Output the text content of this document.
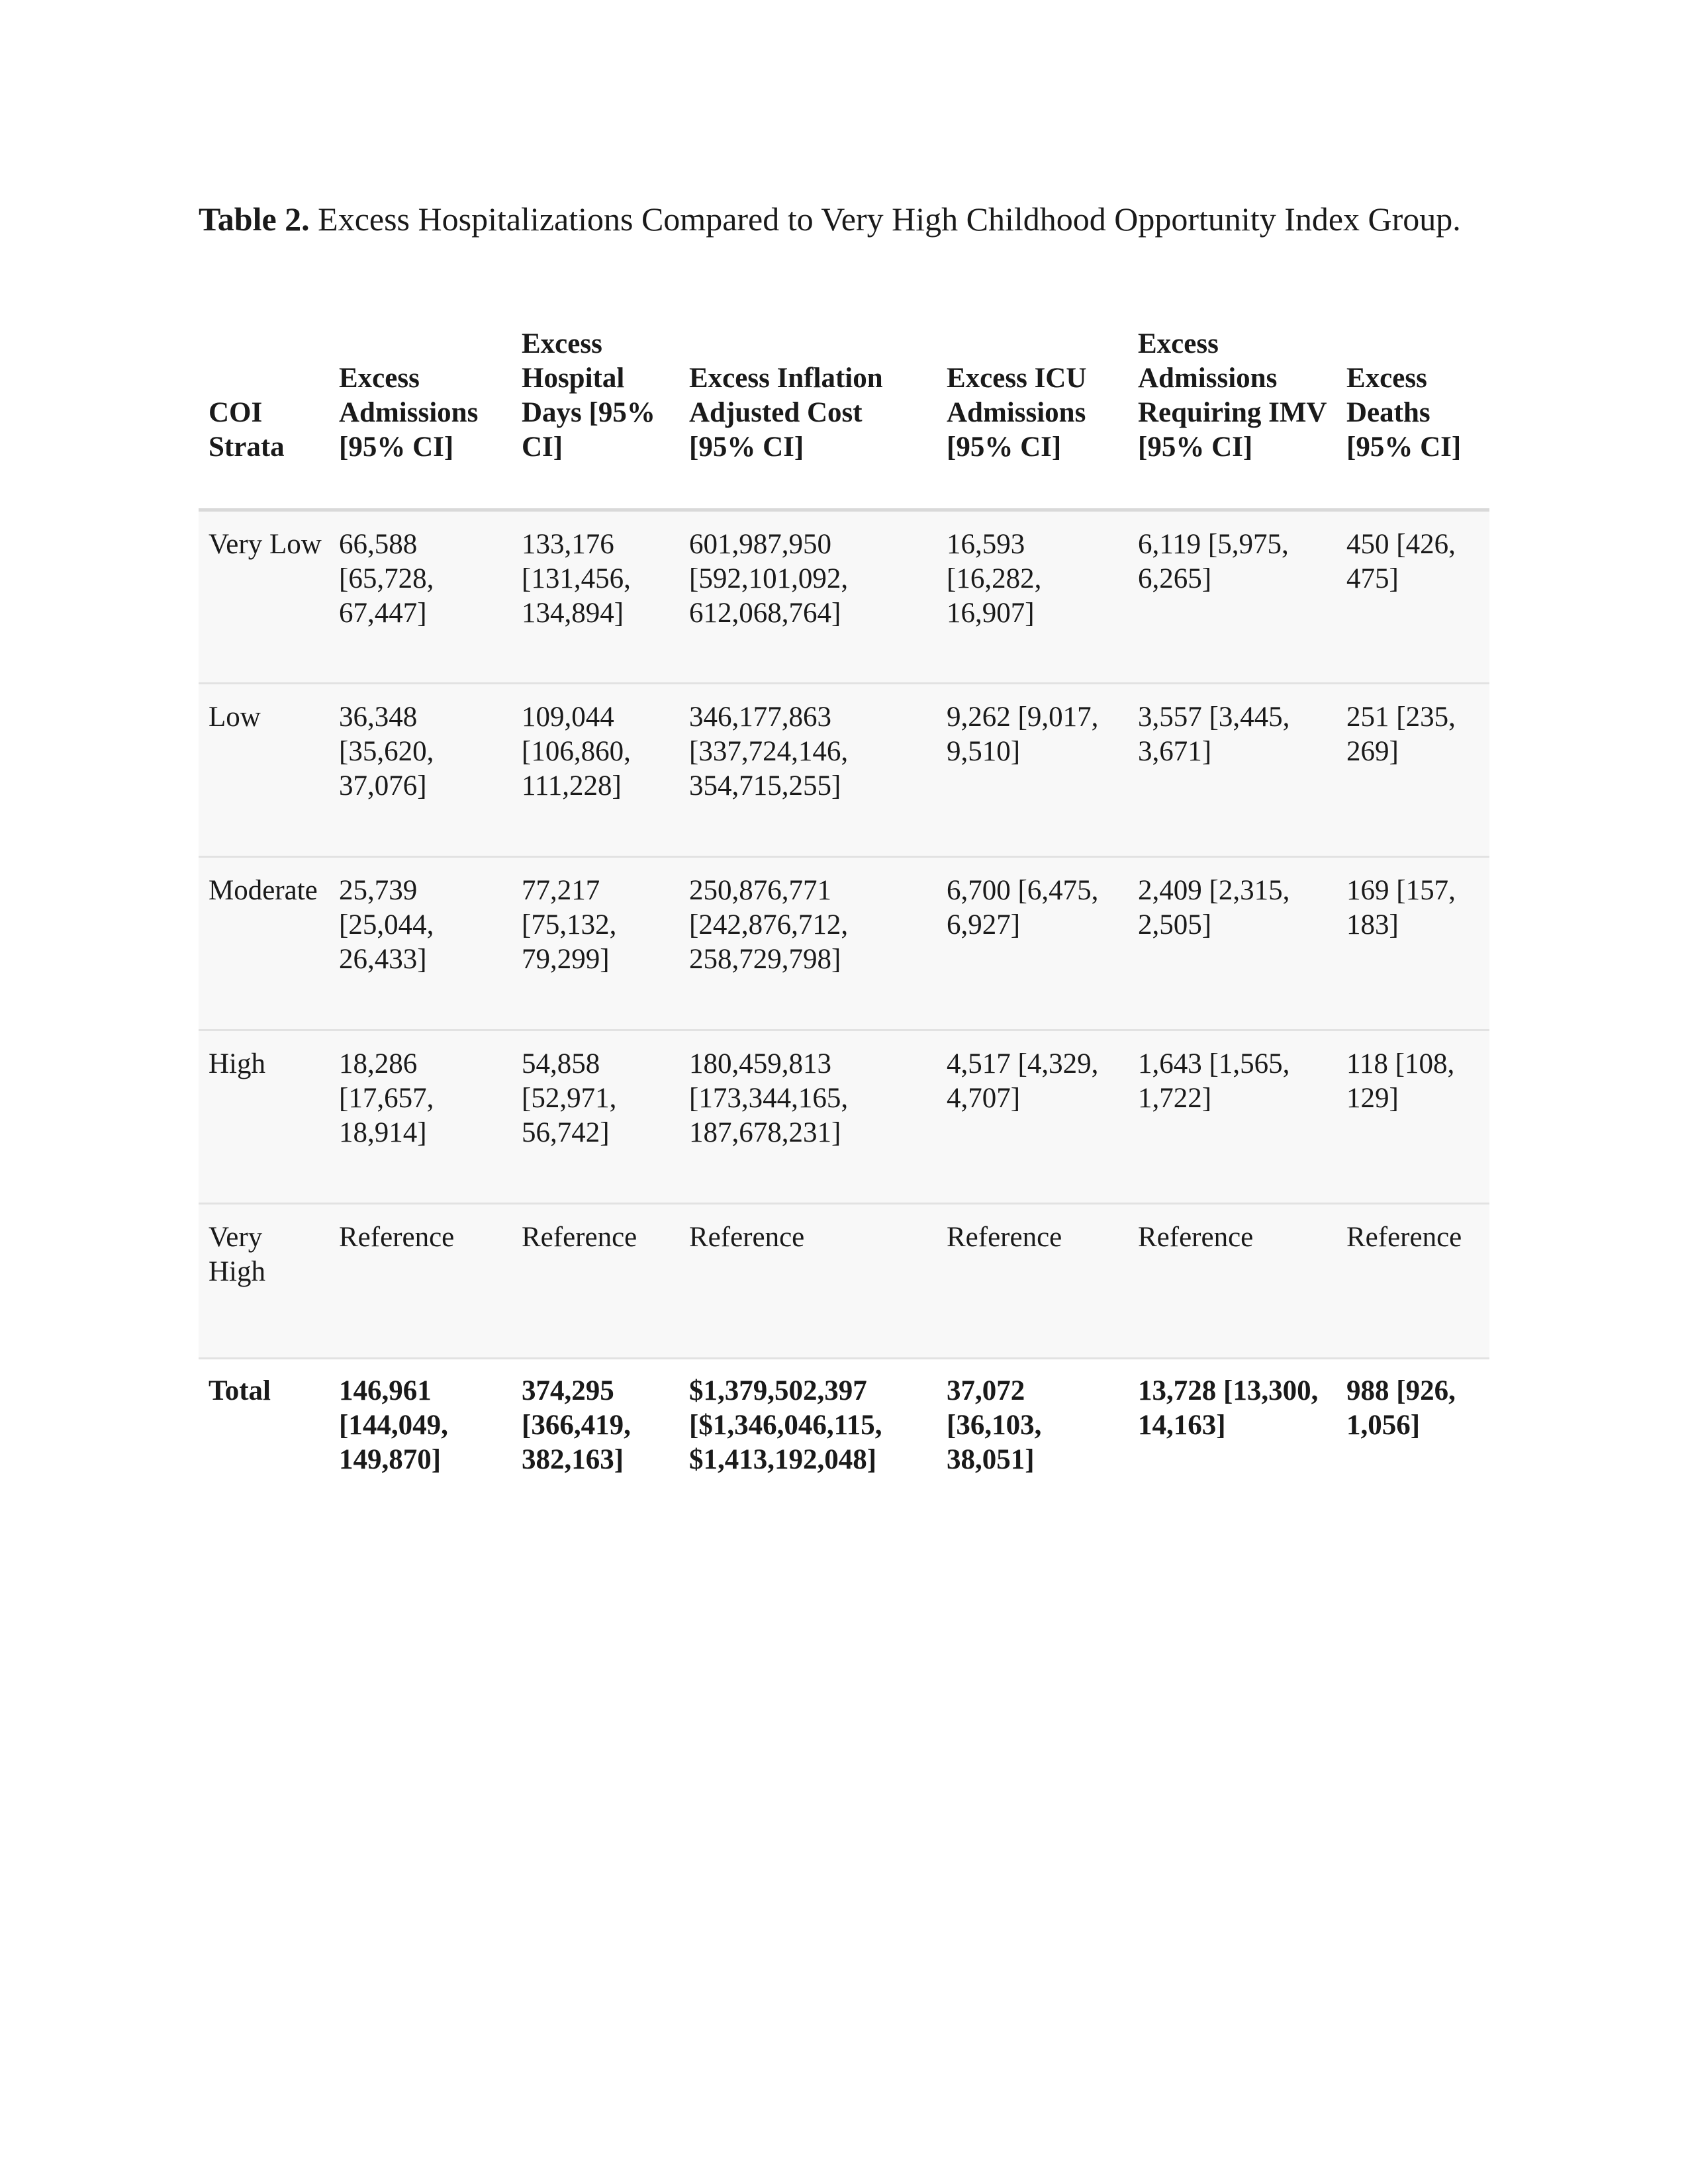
Table 2. Excess Hospitalizations Compared to Very High Childhood Opportunity Index Group.
COI Strata	Excess Admissions [95% CI]	Excess Hospital Days [95% CI]	Excess Inflation Adjusted Cost [95% CI]	Excess ICU Admissions [95% CI]	Excess Admissions Requiring IMV [95% CI]	Excess Deaths [95% CI]
Very Low	66,588 [65,728, 67,447]	133,176 [131,456, 134,894]	601,987,950 [592,101,092, 612,068,764]	16,593 [16,282, 16,907]	6,119 [5,975, 6,265]	450 [426, 475]
Low	36,348 [35,620, 37,076]	109,044 [106,860, 111,228]	346,177,863 [337,724,146, 354,715,255]	9,262 [9,017, 9,510]	3,557 [3,445, 3,671]	251 [235, 269]
Moderate	25,739 [25,044, 26,433]	77,217 [75,132, 79,299]	250,876,771 [242,876,712, 258,729,798]	6,700 [6,475, 6,927]	2,409 [2,315, 2,505]	169 [157, 183]
High	18,286 [17,657, 18,914]	54,858 [52,971, 56,742]	180,459,813 [173,344,165, 187,678,231]	4,517 [4,329, 4,707]	1,643 [1,565, 1,722]	118 [108, 129]
Very High	Reference	Reference	Reference	Reference	Reference	Reference
Total	146,961 [144,049, 149,870]	374,295 [366,419, 382,163]	$1,379,502,397 [$1,346,046,115, $1,413,192,048]	37,072 [36,103, 38,051]	13,728 [13,300, 14,163]	988 [926, 1,056]
